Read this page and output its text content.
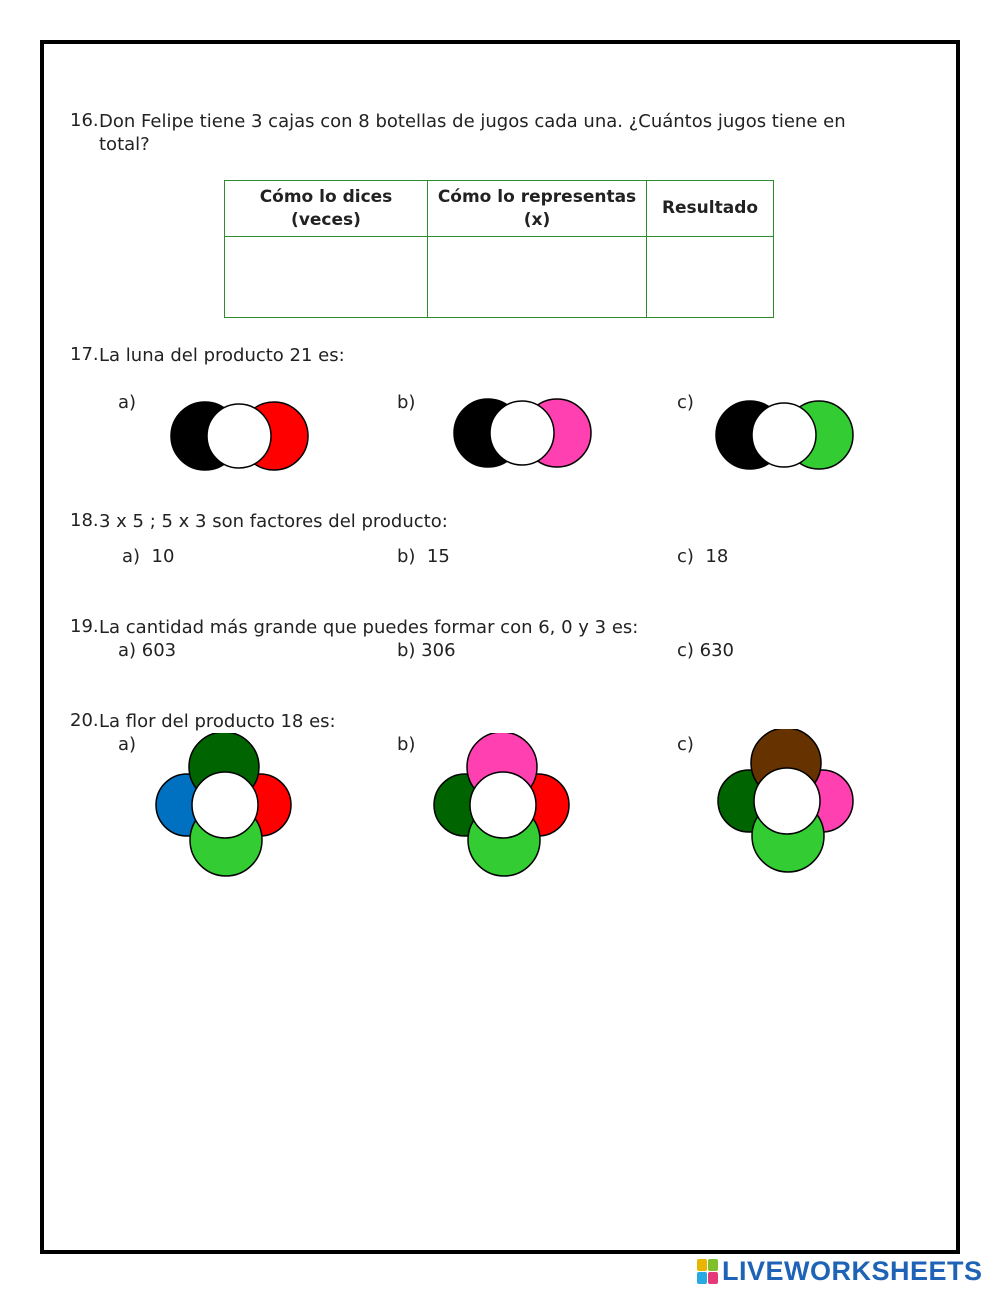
16. Don Felipe tiene 3 cajas con 8 botellas de jugos cada una. ¿Cuántos jugos tiene en
total?
Cómo lo dices (veces)	Cómo lo representas (x)	Resultado

17. La luna del producto 21 es:
a)	b)	c)
18. 3 x 5 ; 5 x 3 son factores del producto:
a) 10	b) 15	c) 18
19. La cantidad más grande que puedes formar con 6, 0 y 3 es:
a) 603	b) 306	c) 630
20. La flor del producto 18 es:
a)	b)	c)
LIVEWORKSHEETS
